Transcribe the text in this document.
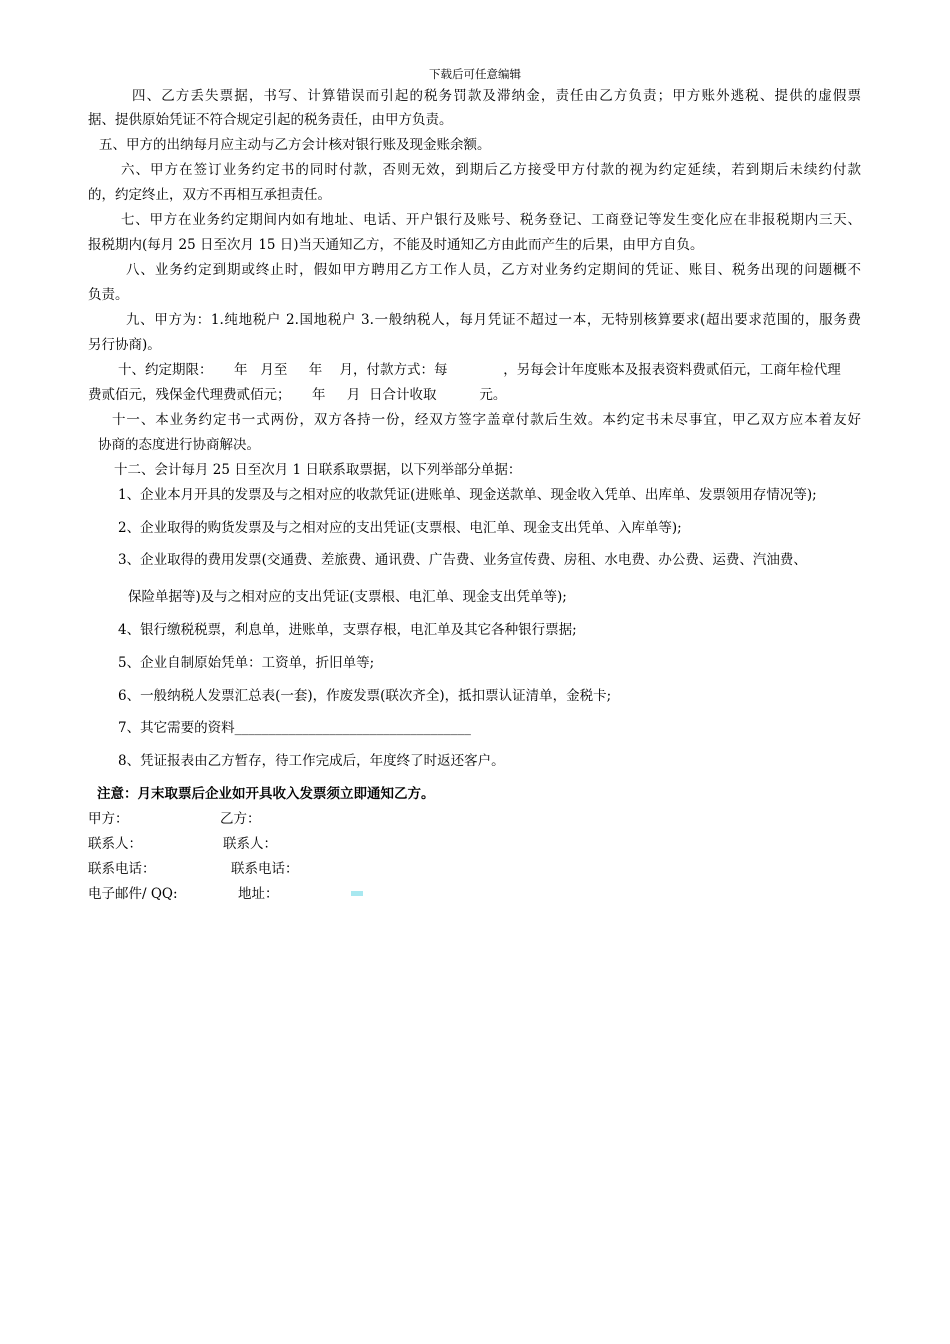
下载后可任意编辑
四、乙方丢失票据，书写、计算错误而引起的税务罚款及滞纳金，责任由乙方负责；甲方账外逃税、提供的虚假票
据、提供原始凭证不符合规定引起的税务责任，由甲方负责。
五、甲方的出纳每月应主动与乙方会计核对银行账及现金账余额。
六、甲方在签订业务约定书的同时付款，否则无效，到期后乙方接受甲方付款的视为约定延续，若到期后未续约付款
的，约定终止，双方不再相互承担责任。
七、甲方在业务约定期间内如有地址、电话、开户银行及账号、税务登记、工商登记等发生变化应在非报税期内三天、
报税期内(每月 25 日至次月 15 日)当天通知乙方，不能及时通知乙方由此而产生的后果，由甲方自负。
八、业务约定到期或终止时，假如甲方聘用乙方工作人员，乙方对业务约定期间的凭证、账目、税务出现的问题概不
负责。
九、甲方为：1.纯地税户 2.国地税户 3.一般纳税人，每月凭证不超过一本，无特别核算要求(超出要求范围的，服务费
另行协商)。
十、约定期限：     年   月至     年    月，付款方式：每             ，另每会计年度账本及报表资料费贰佰元，工商年检代理
费贰佰元，残保金代理费贰佰元；     年     月  日合计收取          元。
十一、本业务约定书一式两份，双方各持一份，经双方签字盖章付款后生效。本约定书未尽事宜，甲乙双方应本着友好
协商的态度进行协商解决。
十二、会计每月 25 日至次月 1 日联系取票据，以下列举部分单据：
1、企业本月开具的发票及与之相对应的收款凭证(进账单、现金送款单、现金收入凭单、出库单、发票领用存情况等);
2、企业取得的购货发票及与之相对应的支出凭证(支票根、电汇单、现金支出凭单、入库单等);
3、企业取得的费用发票(交通费、差旅费、通讯费、广告费、业务宣传费、房租、水电费、办公费、运费、汽油费、
保险单据等)及与之相对应的支出凭证(支票根、电汇单、现金支出凭单等);
4、银行缴税税票，利息单，进账单，支票存根，电汇单及其它各种银行票据;
5、企业自制原始凭单：工资单，折旧单等;
6、一般纳税人发票汇总表(一套)，作废发票(联次齐全)，抵扣票认证清单，金税卡;
7、其它需要的资料___________________________________
8、凭证报表由乙方暂存，待工作完成后，年度终了时返还客户。
注意：月末取票后企业如开具收入发票须立即通知乙方。
甲方：	乙方：
联系人：	联系人：
联系电话：	联系电话：
电子邮件/ QQ:	地址：
